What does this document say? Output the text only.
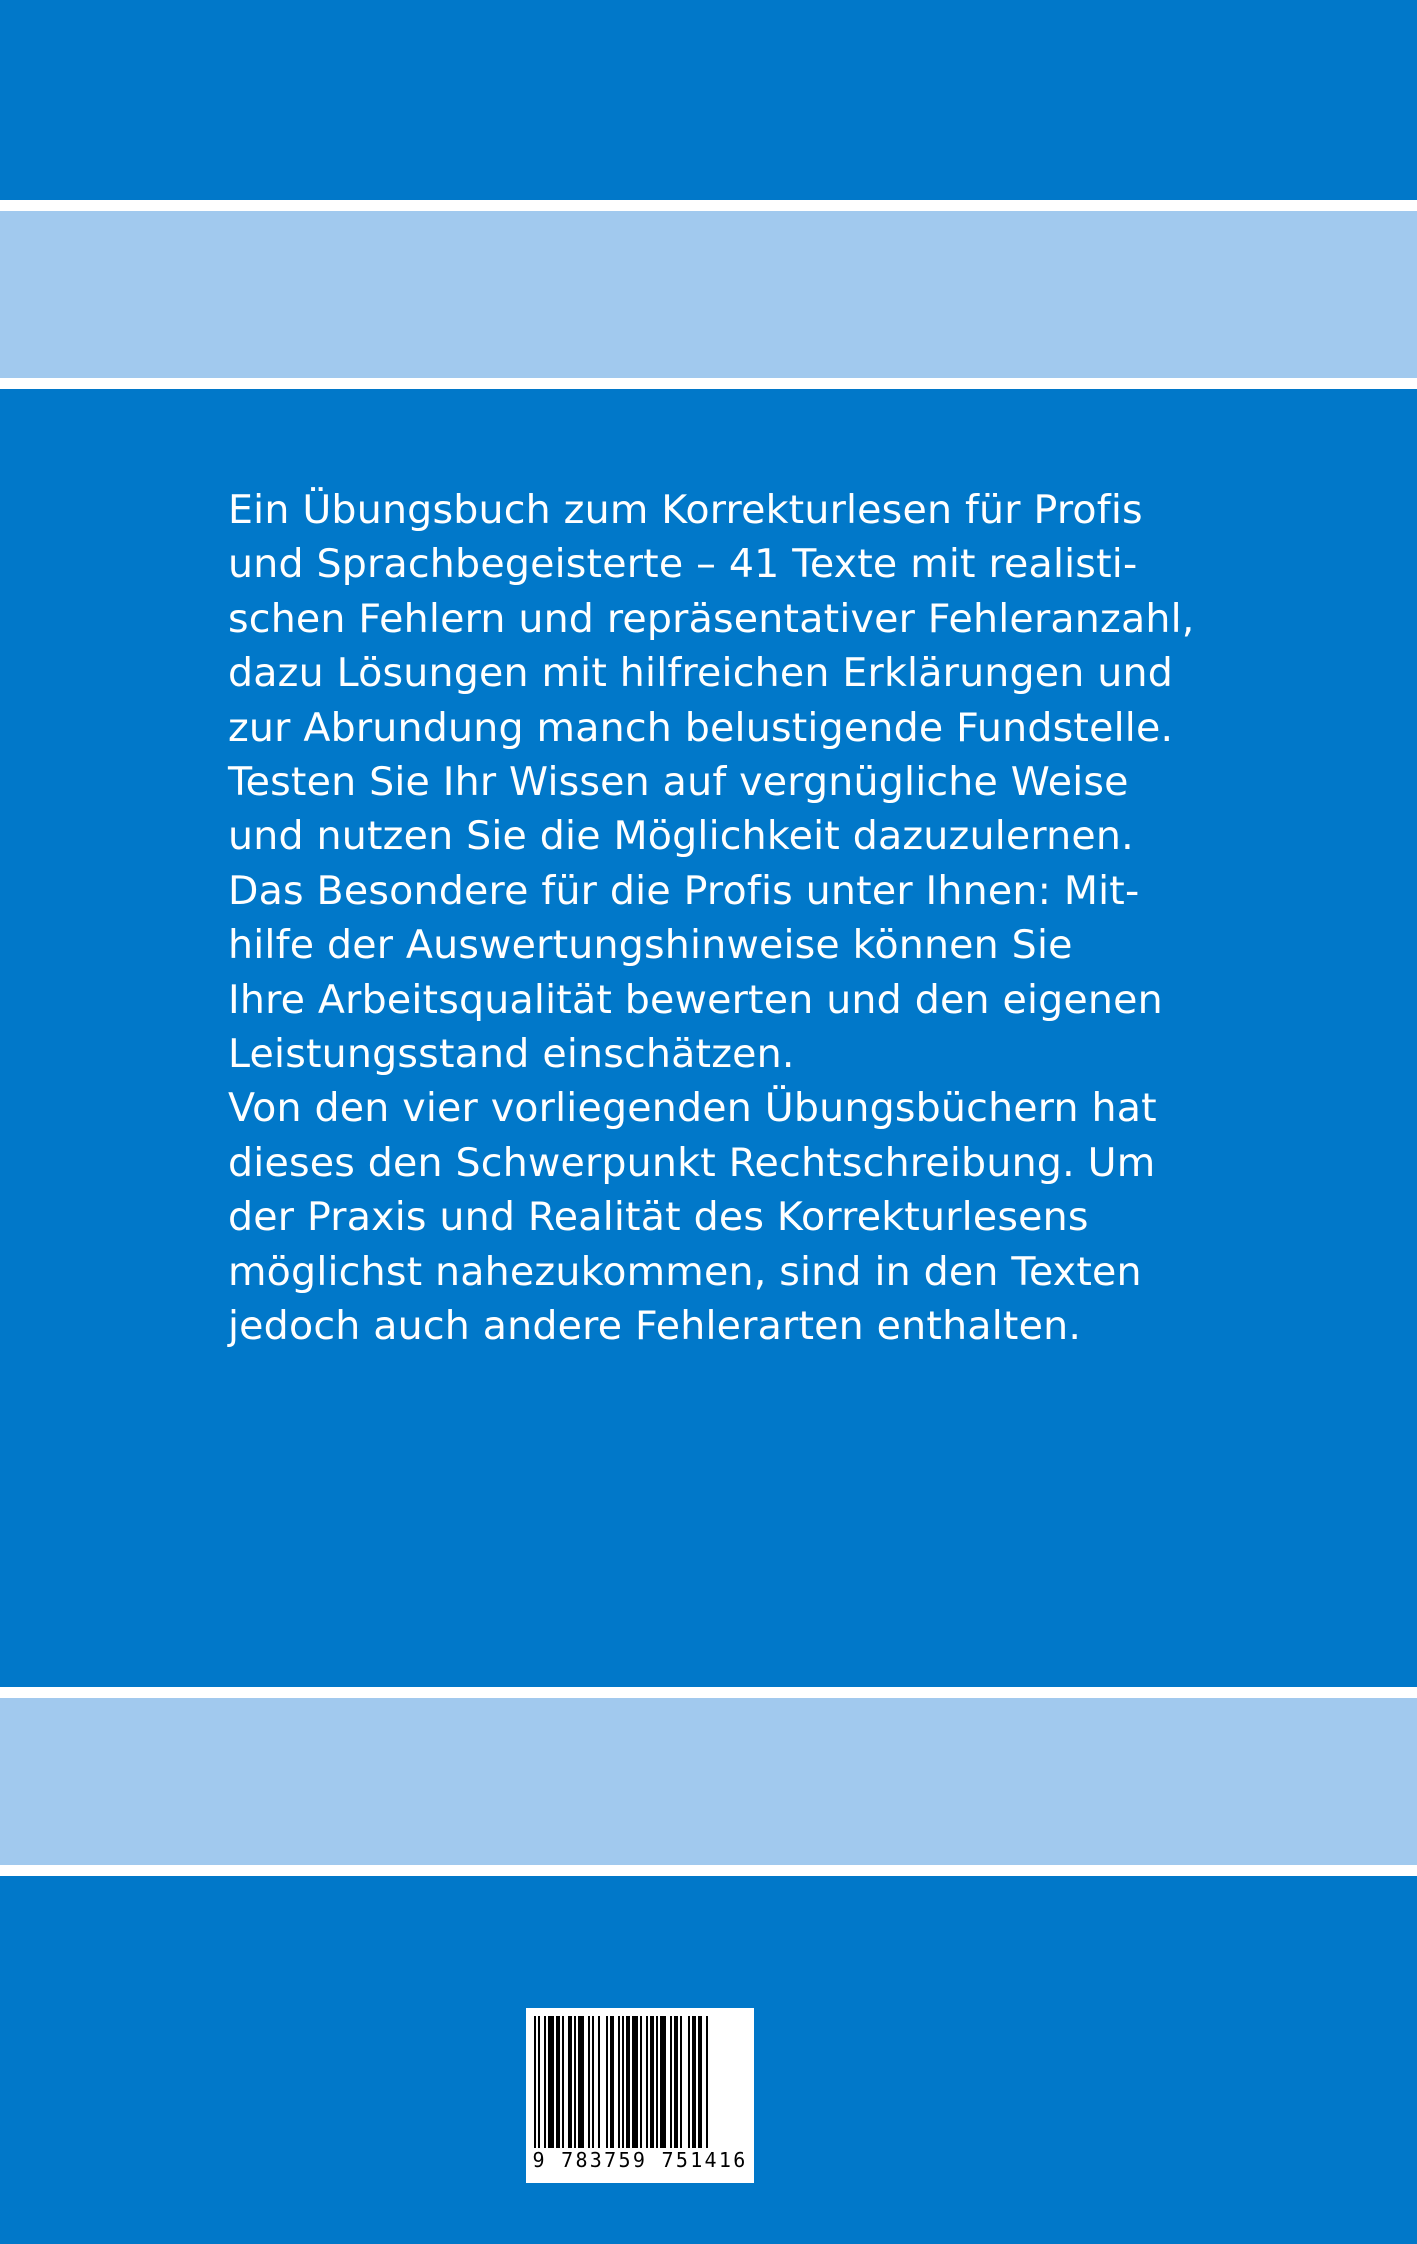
Ein Übungsbuch zum Korrekturlesen für Profis
und Sprachbegeisterte – 41 Texte mit realisti-
schen Fehlern und repräsentativer Fehleranzahl,
dazu Lösungen mit hilfreichen Erklärungen und
zur Abrundung manch belustigende Fundstelle.
Testen Sie Ihr Wissen auf vergnügliche Weise
und nutzen Sie die Möglichkeit dazuzulernen.
Das Besondere für die Profis unter Ihnen: Mit-
hilfe der Auswertungshinweise können Sie
Ihre Arbeitsqualität bewerten und den eigenen
Leistungsstand einschätzen.
Von den vier vorliegenden Übungsbüchern hat
dieses den Schwerpunkt Rechtschreibung. Um
der Praxis und Realität des Korrekturlesens
möglichst nahezukommen, sind in den Texten
jedoch auch andere Fehlerarten enthalten.
9 783759 751416
